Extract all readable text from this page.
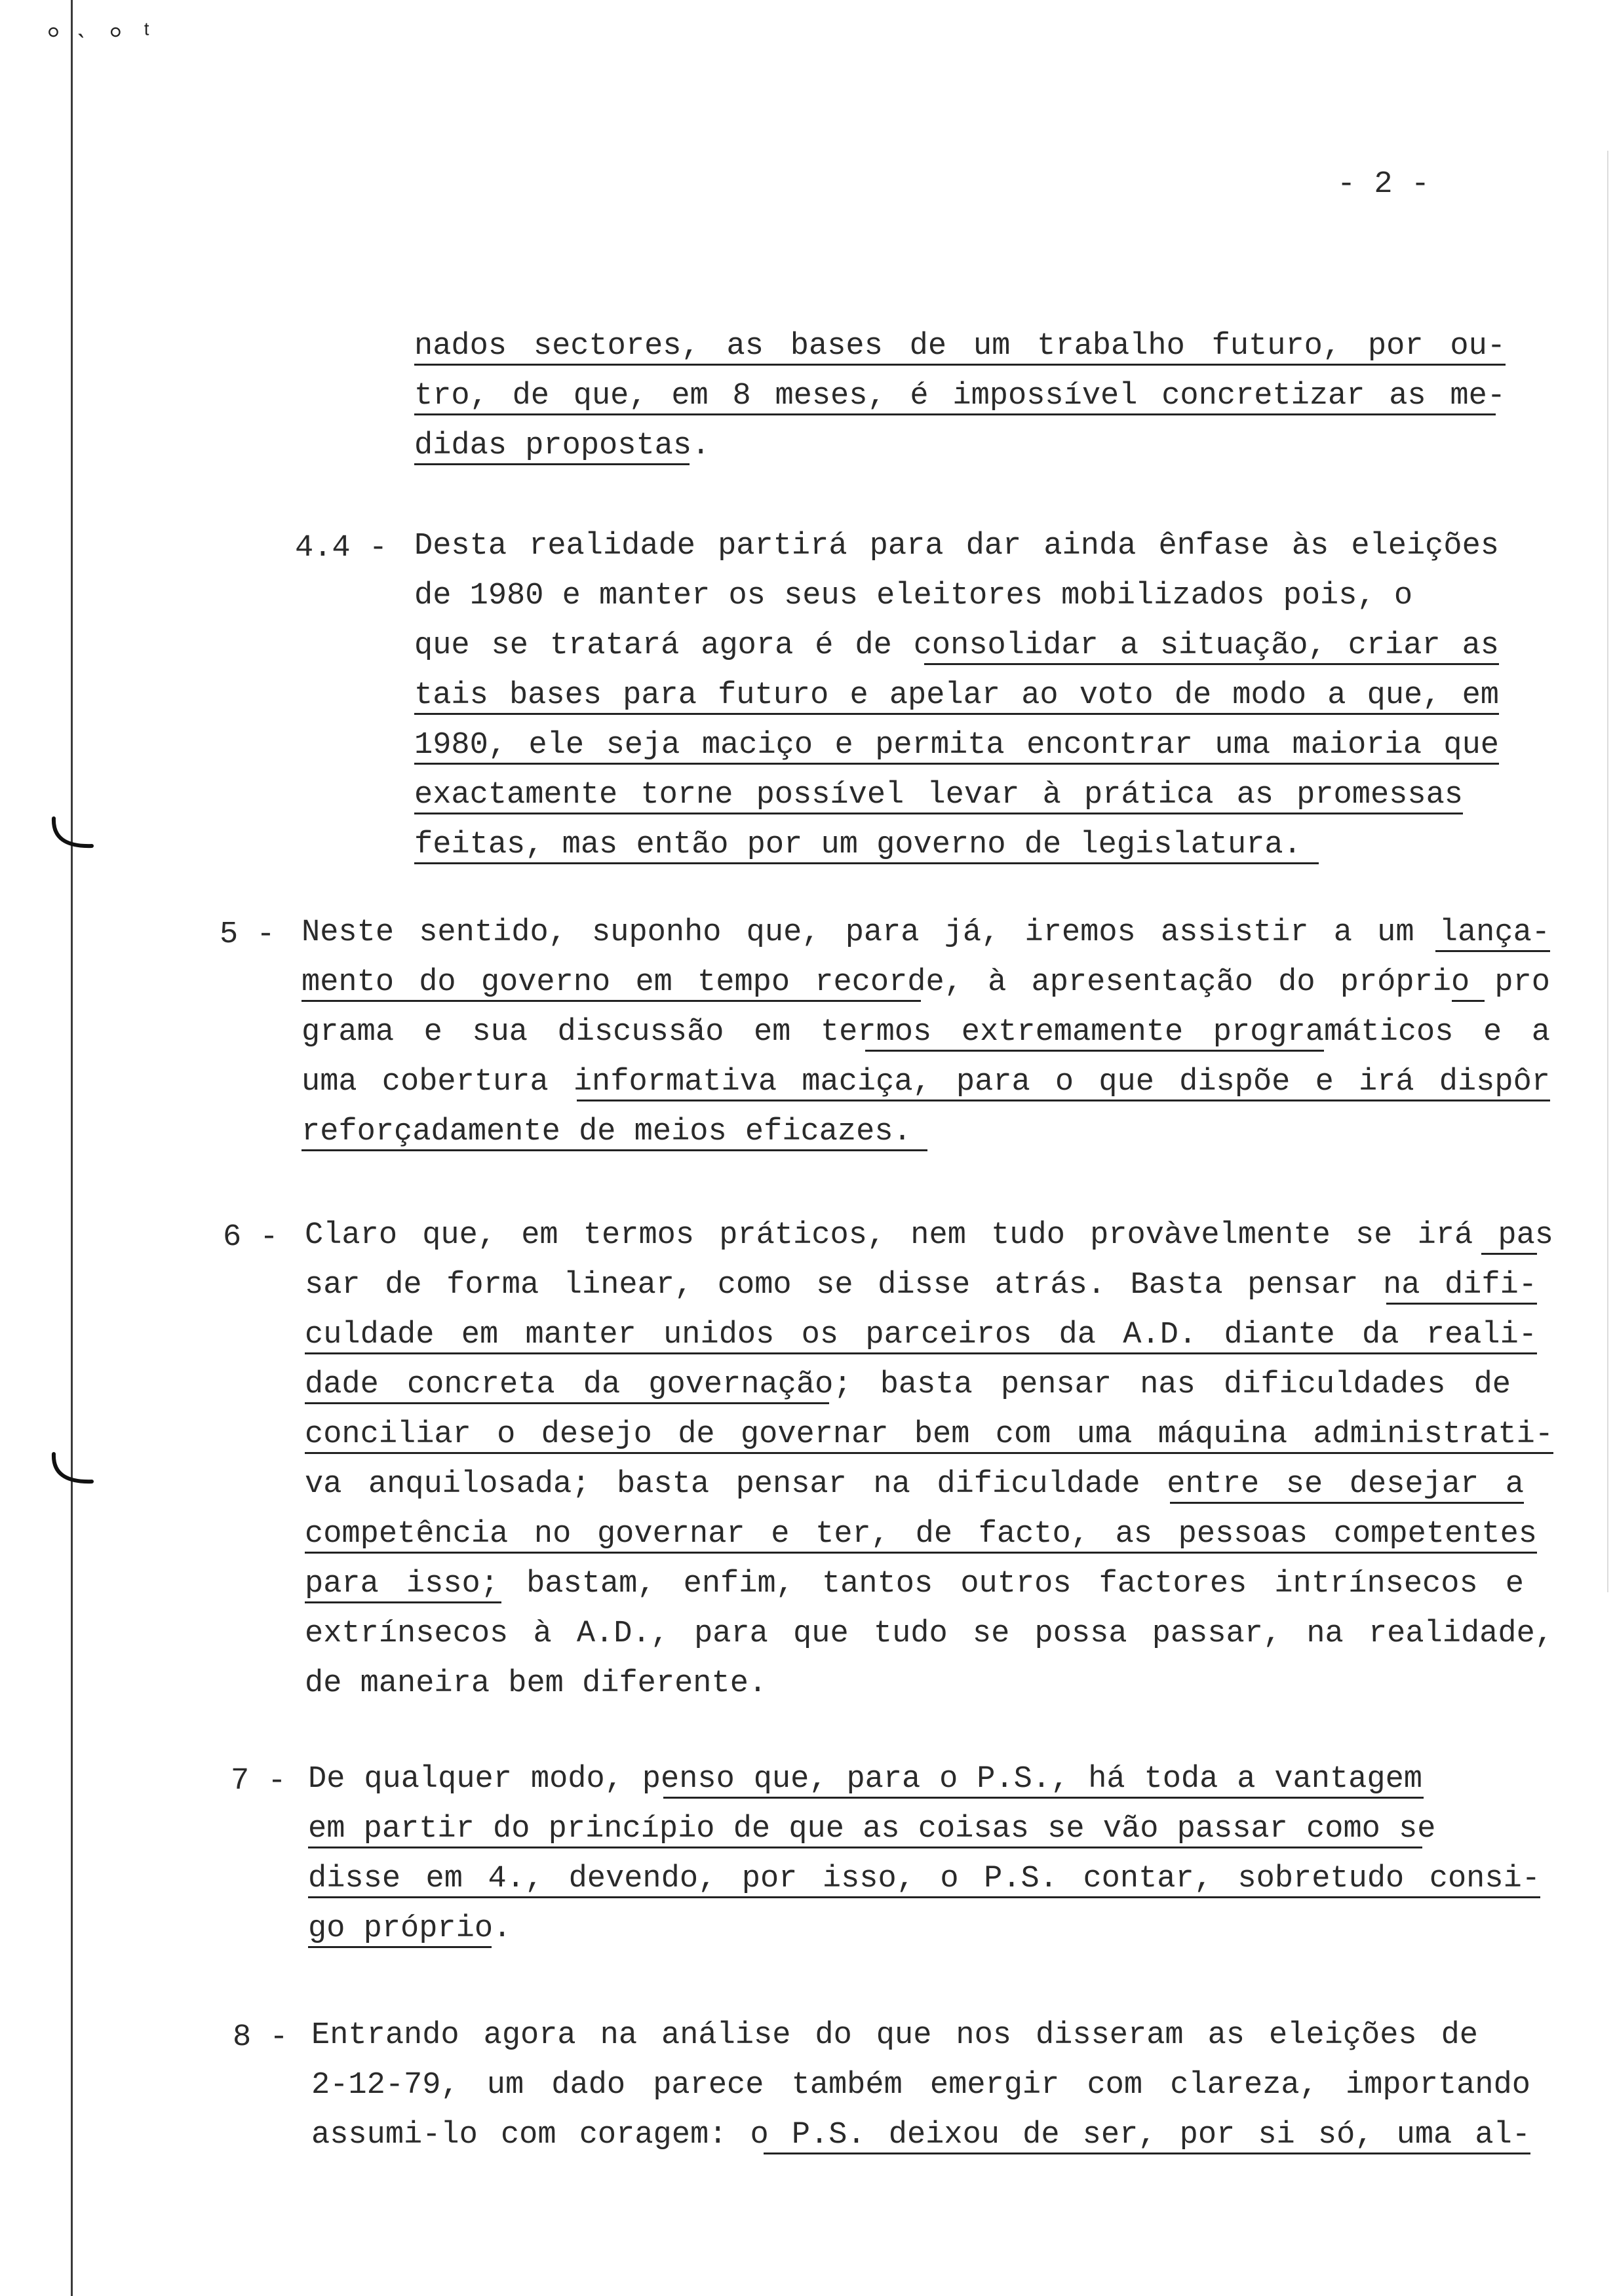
⸰ ˴ ⸰ ᵗ
- 2 -
nados sectores, as bases de um trabalho futuro, por ou-
tro, de que, em 8 meses, é impossível concretizar as me-
didas propostas.
4.4 - Desta realidade partirá para dar ainda ênfase às eleições
de 1980 e manter os seus eleitores mobilizados pois, o
que se tratará agora é de consolidar a situação, criar as
tais bases para futuro e apelar ao voto de modo a que, em
1980, ele seja maciço e permita encontrar uma maioria que
exactamente torne possível levar à prática as promessas
feitas, mas então por um governo de legislatura.
5 - Neste sentido, suponho que, para já, iremos assistir a um lança-
mento do governo em tempo recorde, à apresentação do próprio pro
grama e sua discussão em termos extremamente programáticos e a
uma cobertura informativa maciça, para o que dispõe e irá dispôr
reforçadamente de meios eficazes.
6 - Claro que, em termos práticos, nem tudo provàvelmente se irá pas
sar de forma linear, como se disse atrás. Basta pensar na difi-
culdade em manter unidos os parceiros da A.D. diante da reali-
dade concreta da governação; basta pensar nas dificuldades de
conciliar o desejo de governar bem com uma máquina administrati-
va anquilosada; basta pensar na dificuldade entre se desejar a
competência no governar e ter, de facto, as pessoas competentes
para isso; bastam, enfim, tantos outros factores intrínsecos e
extrínsecos à A.D., para que tudo se possa passar, na realidade,
de maneira bem diferente.
7 - De qualquer modo, penso que, para o P.S., há toda a vantagem
em partir do princípio de que as coisas se vão passar como se
disse em 4., devendo, por isso, o P.S. contar, sobretudo consi-
go próprio.
8 - Entrando agora na análise do que nos disseram as eleições de
2-12-79, um dado parece também emergir com clareza, importando
assumi-lo com coragem: o P.S. deixou de ser, por si só, uma al-
